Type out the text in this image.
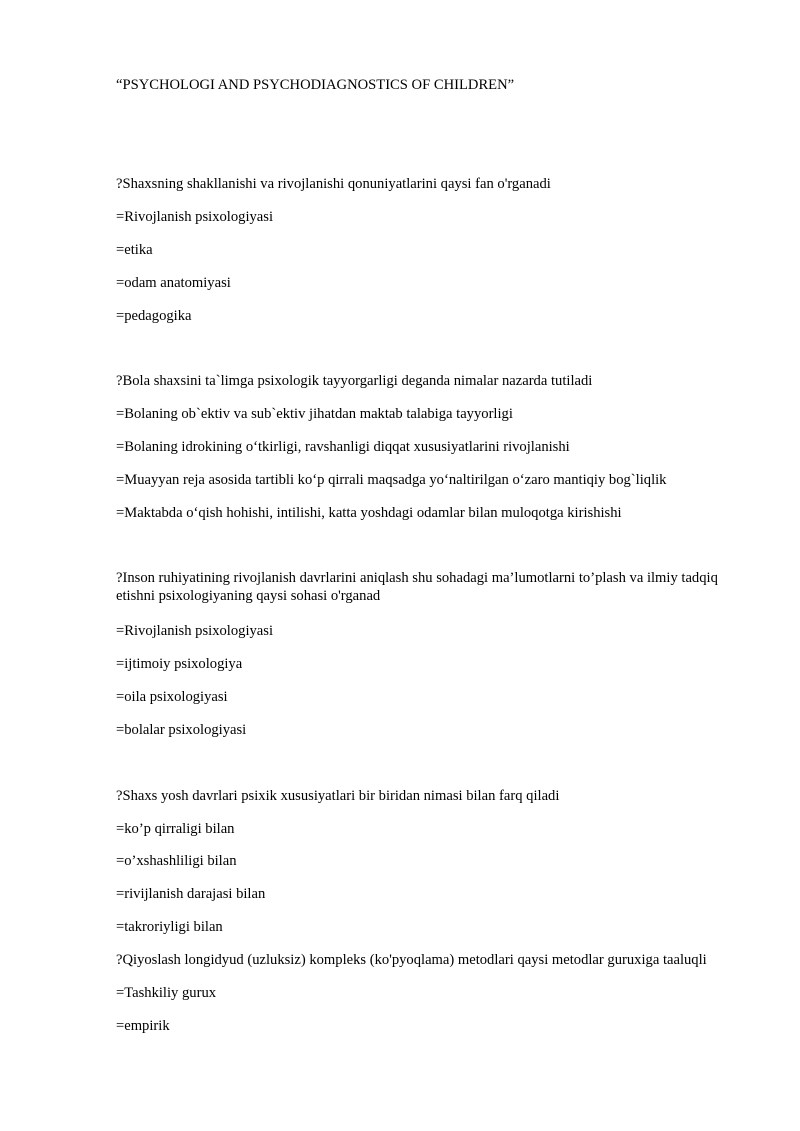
“PSYCHOLOGI AND PSYCHODIAGNOSTICS OF CHILDREN”
?Shaxsning shakllanishi va rivojlanishi qonuniyatlarini qaysi fan o'rganadi
=Rivojlanish psixologiyasi
=etika
=odam anatomiyasi
=pedagogika
?Bola shaxsini ta`limga psixologik tayyorgarligi deganda nimalar nazarda tutiladi
=Bolaning ob`ektiv va sub`ektiv jihatdan maktab talabiga tayyorligi
=Bolaning idrokining o‘tkirligi, ravshanligi diqqat xususiyatlarini rivojlanishi
=Muayyan reja asosida tartibli ko‘p qirrali maqsadga yo‘naltirilgan o‘zaro mantiqiy bog`liqlik
=Maktabda o‘qish hohishi, intilishi, katta yoshdagi odamlar bilan muloqotga kirishishi
?Inson ruhiyatining rivojlanish davrlarini aniqlash shu sohadagi ma’lumotlarni to’plash va ilmiy tadqiq etishni psixologiyaning qaysi sohasi o'rganad
=Rivojlanish psixologiyasi
=ijtimoiy psixologiya
=oila psixologiyasi
=bolalar psixologiyasi
?Shaxs yosh davrlari psixik xususiyatlari bir biridan nimasi bilan farq qiladi
=ko’p qirraligi bilan
=o’xshashliligi bilan
=rivijlanish darajasi bilan
=takroriyligi bilan
?Qiyoslash longidyud (uzluksiz) kompleks (ko'pyoqlama) metodlari qaysi metodlar guruxiga taaluqli
=Tashkiliy gurux
=empirik
